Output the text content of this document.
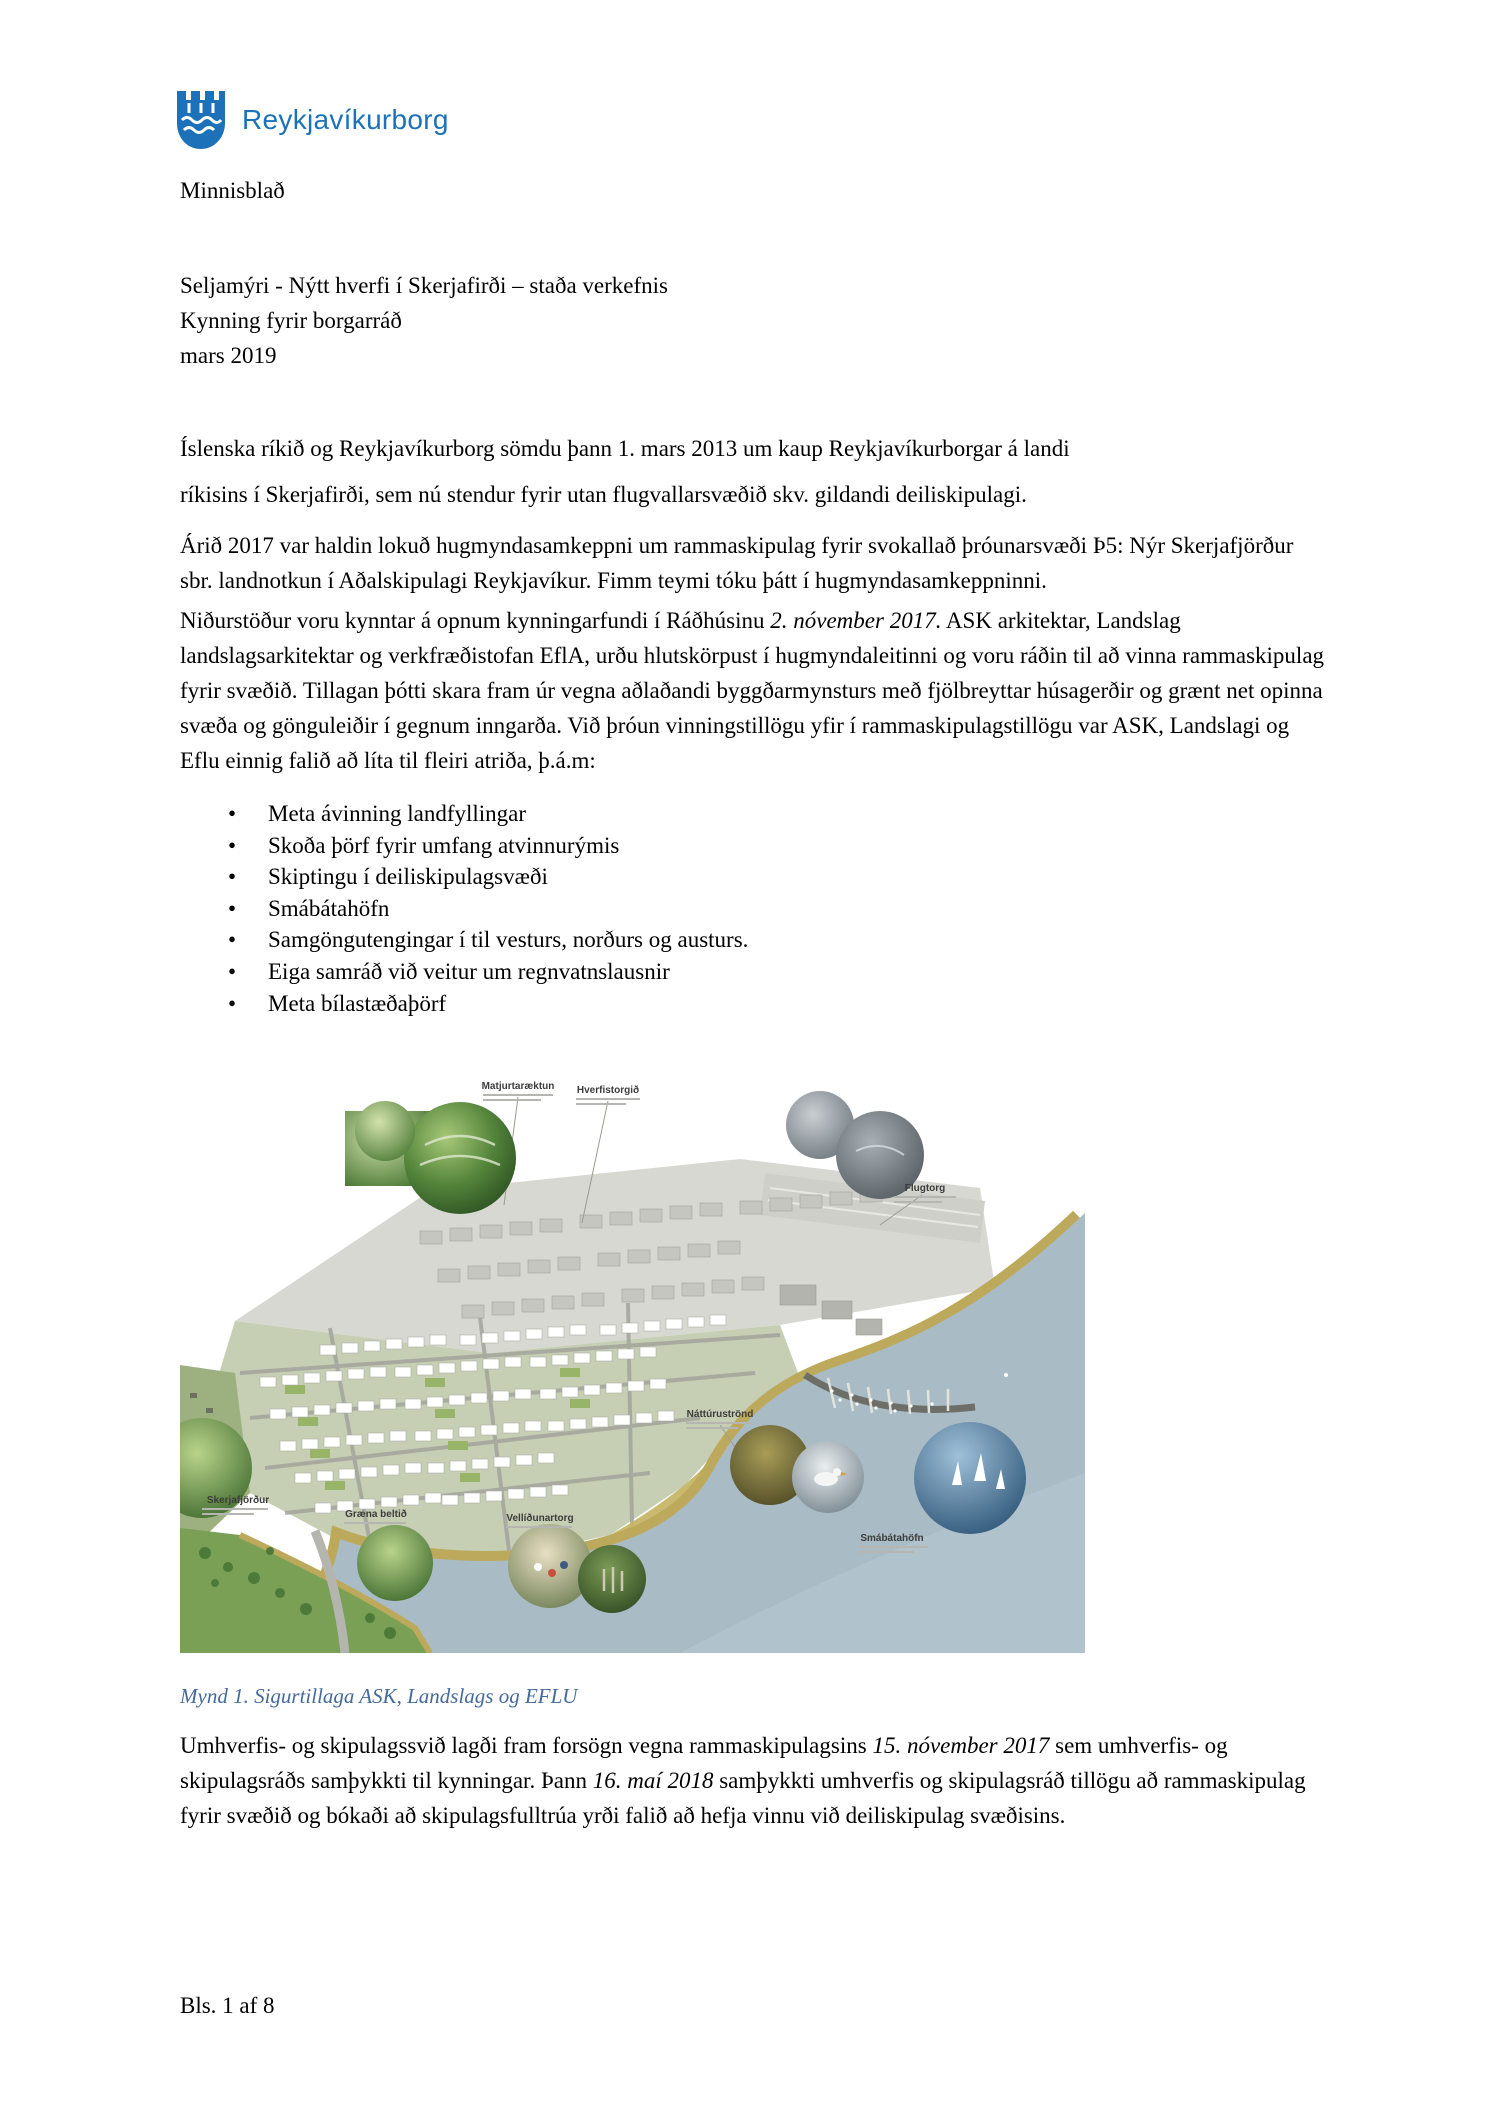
Reykjavíkurborg
Minnisblað
Seljamýri - Nýtt hverfi í Skerjafirði – staða verkefnis
Kynning fyrir borgarráð
mars 2019
Íslenska ríkið og Reykjavíkurborg sömdu þann 1. mars 2013 um kaup Reykjavíkurborgar á landi
ríkisins í Skerjafirði, sem nú stendur fyrir utan flugvallarsvæðið skv. gildandi deiliskipulagi.
Árið 2017 var haldin lokuð hugmyndasamkeppni um rammaskipulag fyrir svokallað þróunarsvæði Þ5: Nýr Skerjafjörður sbr. landnotkun í Aðalskipulagi Reykjavíkur. Fimm teymi tóku þátt í hugmyndasamkeppninni.
Niðurstöður voru kynntar á opnum kynningarfundi í Ráðhúsinu 2. nóvember 2017. ASK arkitektar, Landslag landslagsarkitektar og verkfræðistofan EflA, urðu hlutskörpust í hugmyndaleitinni og voru ráðin til að vinna rammaskipulag fyrir svæðið. Tillagan þótti skara fram úr vegna aðlaðandi byggðarmynsturs með fjölbreyttar húsagerðir og grænt net opinna svæða og gönguleiðir í gegnum inngarða. Við þróun vinningstillögu yfir í rammaskipulagstillögu var ASK, Landslagi og Eflu einnig falið að líta til fleiri atriða, þ.á.m:
• Meta ávinning landfyllingar
• Skoða þörf fyrir umfang atvinnurýmis
• Skiptingu í deiliskipulagsvæði
• Smábátahöfn
• Samgöngutengingar í til vesturs, norðurs og austurs.
• Eiga samráð við veitur um regnvatnslausnir
• Meta bílastæðaþörf
Matjurtaræktun Hverfistorgið
Flugtorg
Náttúruströnd
Vellíðunartorg
Smábátahöfn
Skerjafjörður
Græna beltið
Mynd 1. Sigurtillaga ASK, Landslags og EFLU
Umhverfis- og skipulagssvið lagði fram forsögn vegna rammaskipulagsins 15. nóvember 2017 sem umhverfis- og skipulagsráðs samþykkti til kynningar. Þann 16. maí 2018 samþykkti umhverfis og skipulagsráð tillögu að rammaskipulag fyrir svæðið og bókaði að skipulagsfulltrúa yrði falið að hefja vinnu við deiliskipulag svæðisins.
Bls. 1 af 8
